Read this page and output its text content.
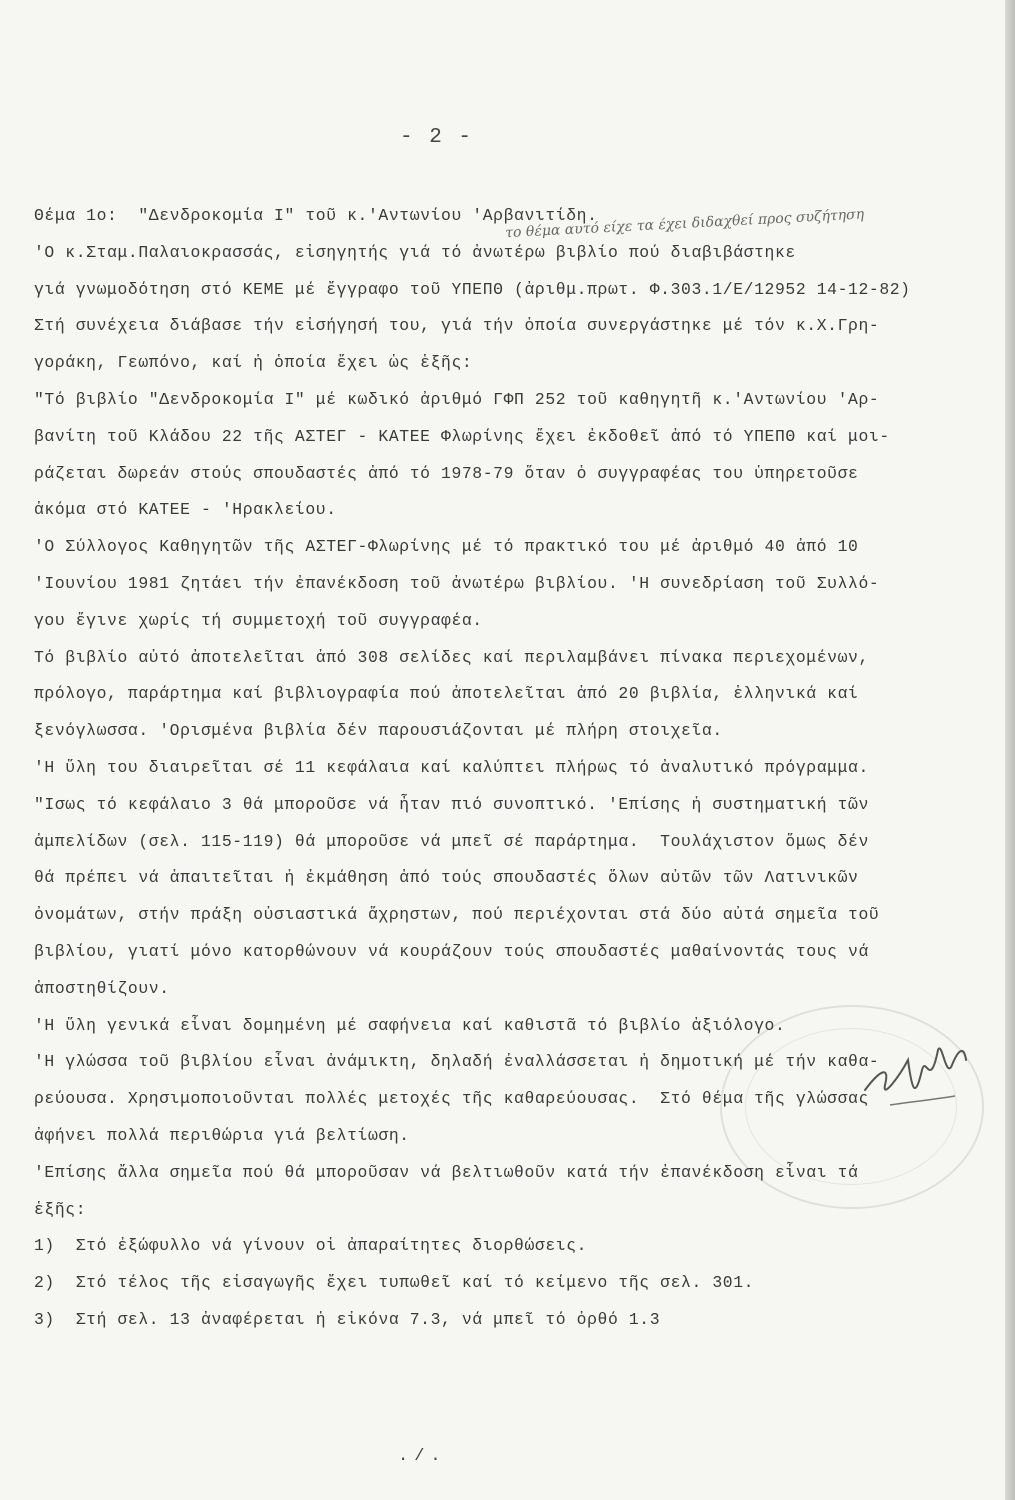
- 2 -
το θέμα αυτό είχε τα έχει διδαχθεί προς συζήτηση
Θέμα 1ο:  "Δενδροκομία Ι" τοῦ κ.'Αντωνίου 'Αρβανιτίδη.
'Ο κ.Σταμ.Παλαιοκρασσάς, εἰσηγητής γιά τό ἀνωτέρω βιβλίο πού διαβιβάστηκε
γιά γνωμοδότηση στό ΚΕΜΕ μέ ἔγγραφο τοῦ ΥΠΕΠΘ (ἀριθμ.πρωτ. Φ.303.1/Ε/12952 14-12-82)
Στή συνέχεια διάβασε τήν εἰσήγησή του, γιά τήν ὁποία συνεργάστηκε μέ τόν κ.Χ.Γρη-
γοράκη, Γεωπόνο, καί ἡ ὁποία ἔχει ὡς ἑξῆς:
"Τό βιβλίο "Δενδροκομία Ι" μέ κωδικό ἀριθμό ΓΦΠ 252 τοῦ καθηγητῆ κ.'Αντωνίου 'Αρ-
βανίτη τοῦ Κλάδου 22 τῆς ΑΣΤΕΓ - ΚΑΤΕΕ Φλωρίνης ἔχει ἐκδοθεῖ ἀπό τό ΥΠΕΠΘ καί μοι-
ράζεται δωρεάν στούς σπουδαστές ἀπό τό 1978-79 ὅταν ὁ συγγραφέας του ὑπηρετοῦσε
ἀκόμα στό ΚΑΤΕΕ - 'Ηρακλείου.
'Ο Σύλλογος Καθηγητῶν τῆς ΑΣΤΕΓ-Φλωρίνης μέ τό πρακτικό του μέ ἀριθμό 40 ἀπό 10
'Ιουνίου 1981 ζητάει τήν ἐπανέκδοση τοῦ ἀνωτέρω βιβλίου. 'Η συνεδρίαση τοῦ Συλλό-
γου ἔγινε χωρίς τή συμμετοχή τοῦ συγγραφέα.
Τό βιβλίο αὐτό ἀποτελεῖται ἀπό 308 σελίδες καί περιλαμβάνει πίνακα περιεχομένων,
πρόλογο, παράρτημα καί βιβλιογραφία πού ἀποτελεῖται ἀπό 20 βιβλία, ἑλληνικά καί
ξενόγλωσσα. 'Ορισμένα βιβλία δέν παρουσιάζονται μέ πλήρη στοιχεῖα.
'Η ὕλη του διαιρεῖται σέ 11 κεφάλαια καί καλύπτει πλήρως τό ἀναλυτικό πρόγραμμα.
"Ισως τό κεφάλαιο 3 θά μποροῦσε νά ἦταν πιό συνοπτικό. 'Επίσης ἡ συστηματική τῶν
ἀμπελίδων (σελ. 115-119) θά μποροῦσε νά μπεῖ σέ παράρτημα.  Τουλάχιστον ὅμως δέν
θά πρέπει νά ἀπαιτεῖται ἡ ἐκμάθηση ἀπό τούς σπουδαστές ὅλων αὐτῶν τῶν Λατινικῶν
ὀνομάτων, στήν πράξη οὐσιαστικά ἄχρηστων, πού περιέχονται στά δύο αὐτά σημεῖα τοῦ
βιβλίου, γιατί μόνο κατορθώνουν νά κουράζουν τούς σπουδαστές μαθαίνοντάς τους νά
ἀποστηθίζουν.
'Η ὕλη γενικά εἶναι δομημένη μέ σαφήνεια καί καθιστᾶ τό βιβλίο ἀξιόλογο.
'Η γλώσσα τοῦ βιβλίου εἶναι ἀνάμικτη, δηλαδή ἐναλλάσσεται ἡ δημοτική μέ τήν καθα-
ρεύουσα. Χρησιμοποιοῦνται πολλές μετοχές τῆς καθαρεύουσας.  Στό θέμα τῆς γλώσσας
ἀφήνει πολλά περιθώρια γιά βελτίωση.
'Επίσης ἄλλα σημεῖα πού θά μποροῦσαν νά βελτιωθοῦν κατά τήν ἐπανέκδοση εἶναι τά
ἑξῆς:
1)  Στό ἐξώφυλλο νά γίνουν οἱ ἀπαραίτητες διορθώσεις.
2)  Στό τέλος τῆς εἰσαγωγῆς ἔχει τυπωθεῖ καί τό κείμενο τῆς σελ. 301.
3)  Στή σελ. 13 ἀναφέρεται ἡ εἰκόνα 7.3, νά μπεῖ τό ὀρθό 1.3
./.
